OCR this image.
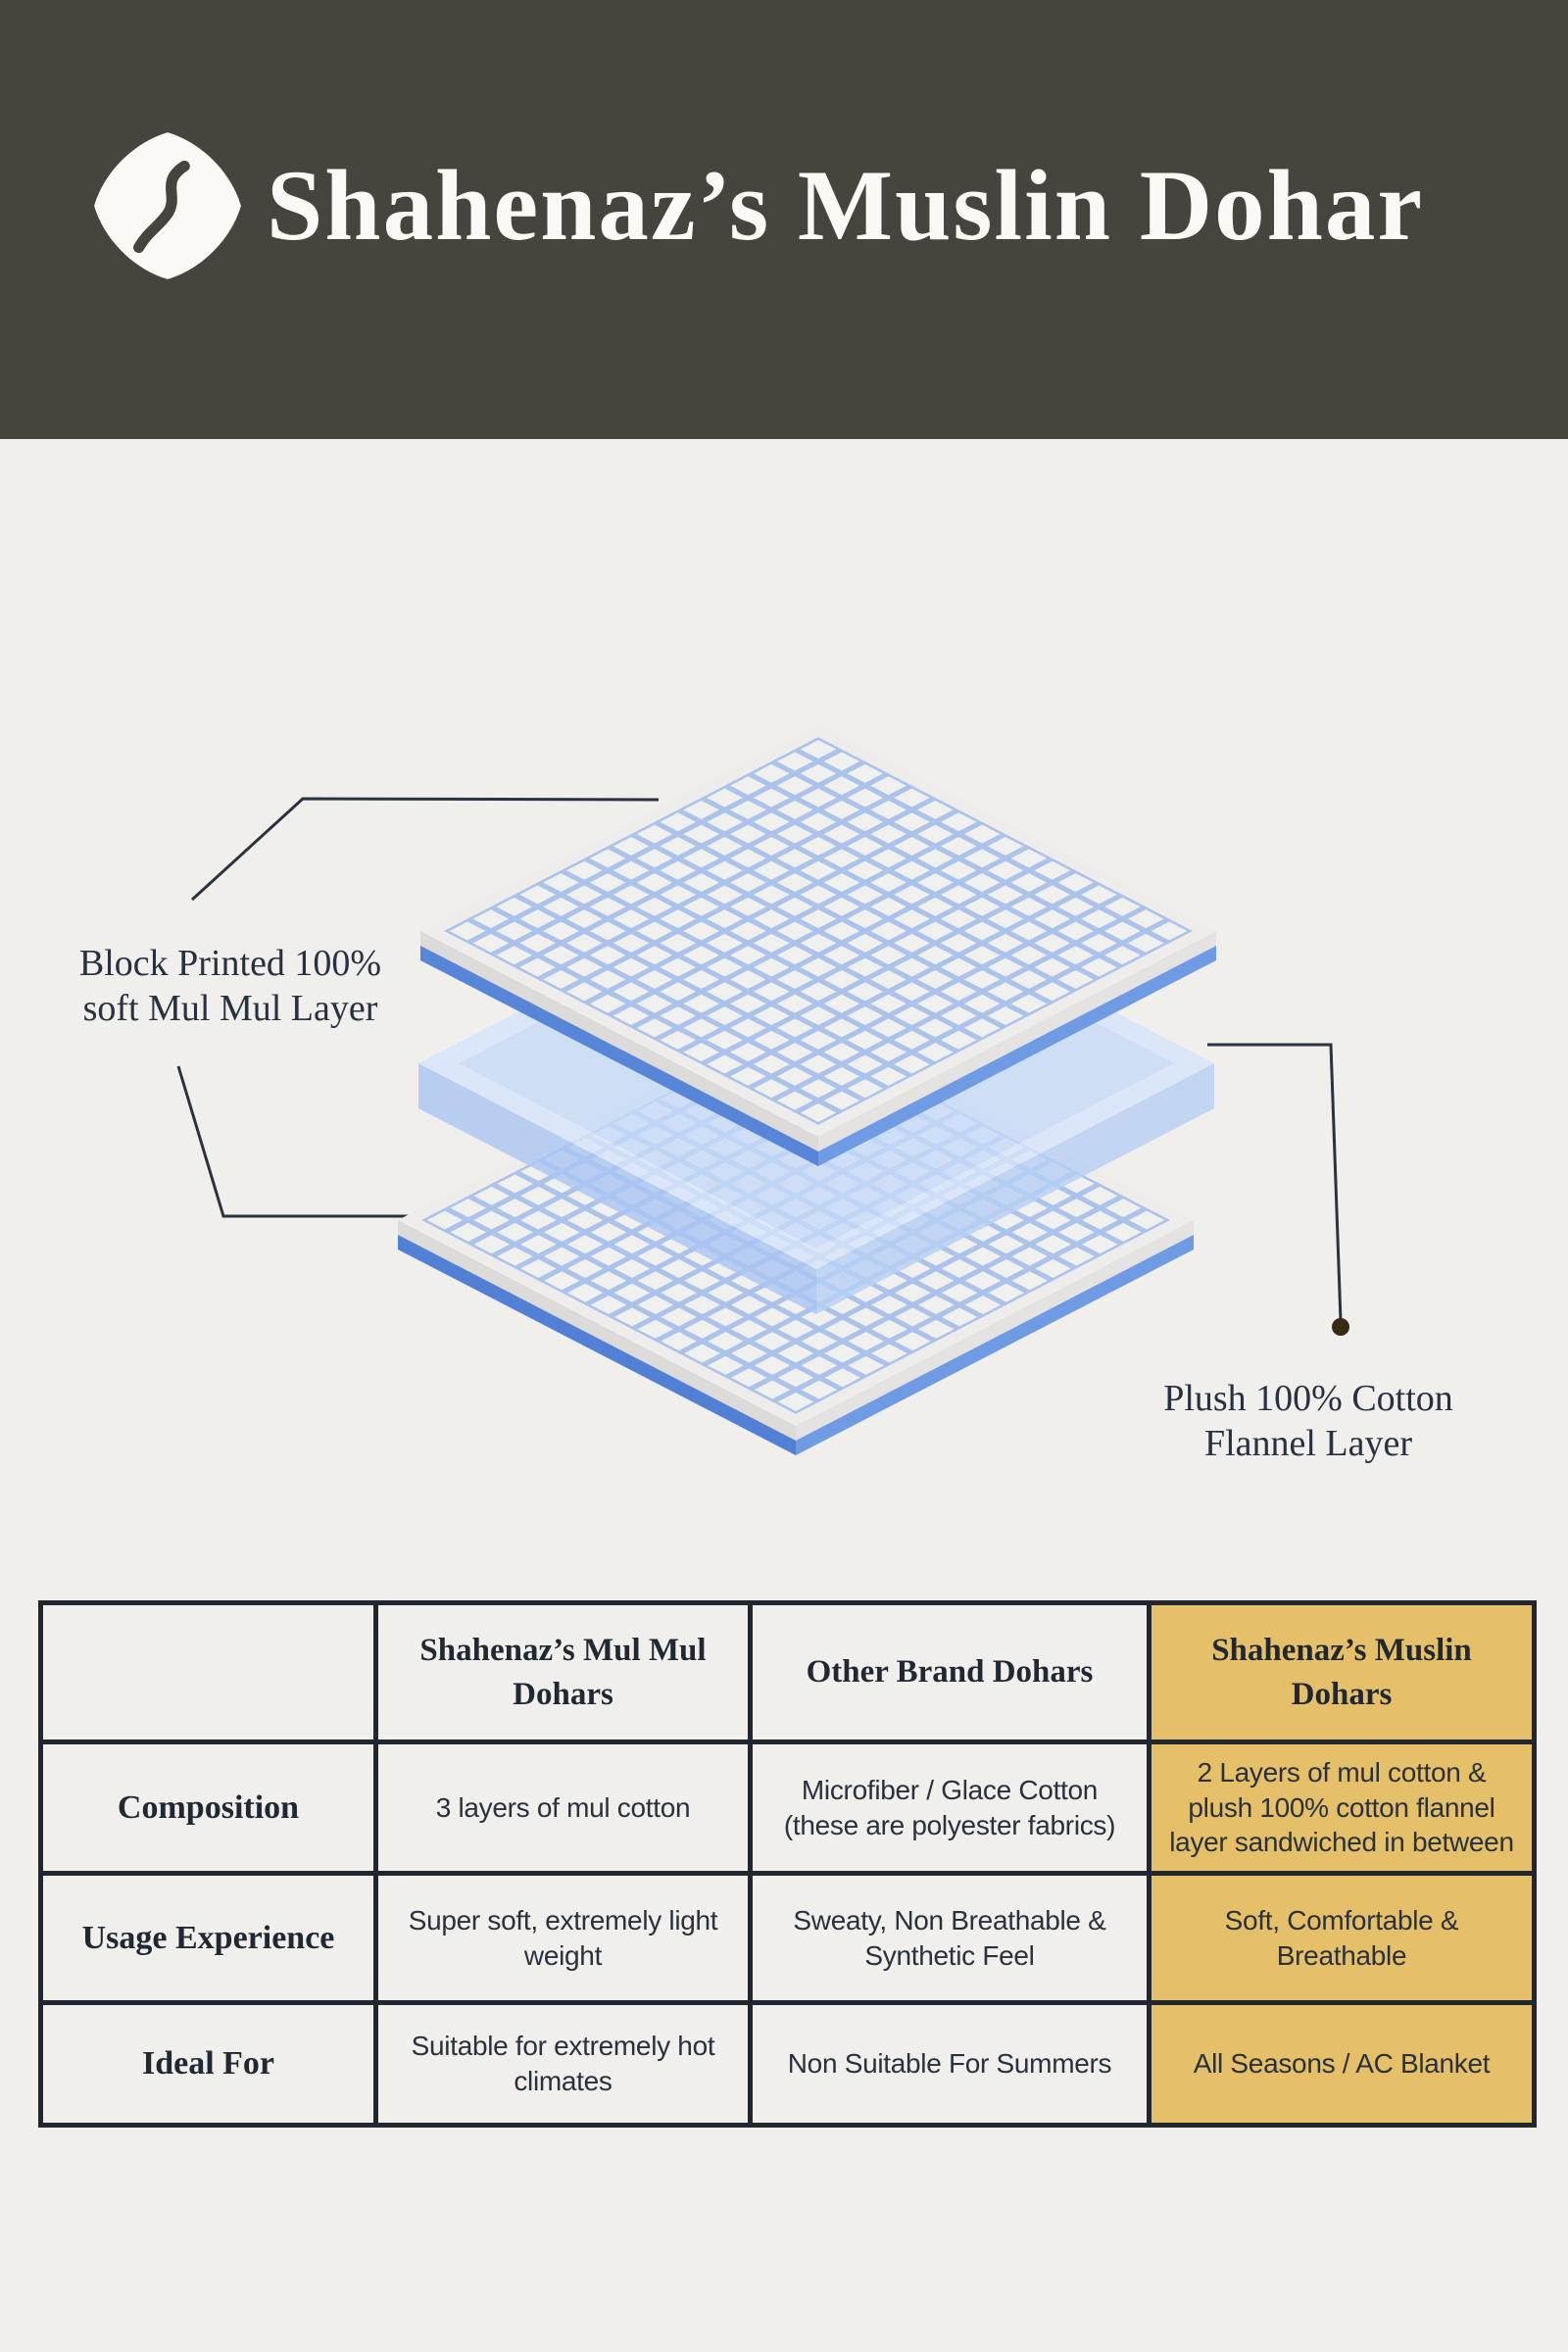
Shahenaz’s Muslin Dohar
Block Printed 100%
soft Mul Mul Layer
Plush 100% Cotton
Flannel Layer
	Shahenaz’s Mul Mul Dohars	Other Brand Dohars	Shahenaz’s Muslin Dohars
Composition	3 layers of mul cotton	Microfiber / Glace Cotton (these are polyester fabrics)	2 Layers of mul cotton & plush 100% cotton flannel layer sandwiched in between
Usage Experience	Super soft, extremely light weight	Sweaty, Non Breathable & Synthetic Feel	Soft, Comfortable & Breathable
Ideal For	Suitable for extremely hot climates	Non Suitable For Summers	All Seasons / AC Blanket
